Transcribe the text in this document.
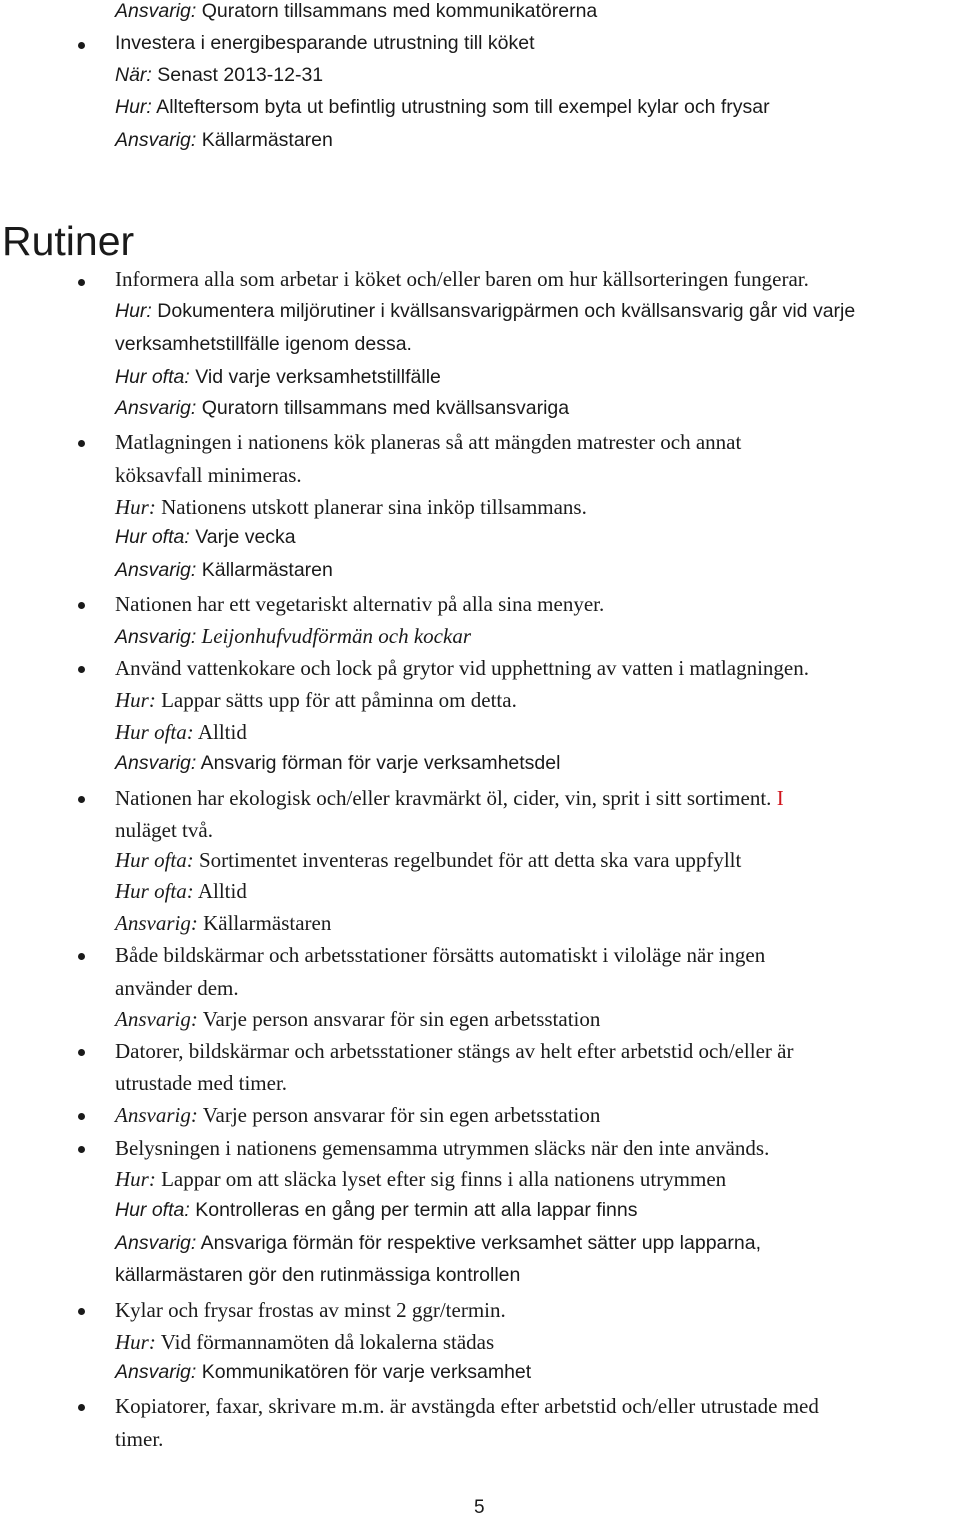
Ansvarig: Quratorn tillsammans med kommunikatörerna

Investera i energibesparande utrustning till köket

När: Senast 2013-12-31

Hur: Allteftersom byta ut befintlig utrustning som till exempel kylar och frysar

Ansvarig: Källarmästaren

Rutiner

Informera alla som arbetar i köket och/eller baren om hur källsorteringen fungerar.

Hur: Dokumentera miljörutiner i kvällsansvarigpärmen och kvällsansvarig går vid varje

verksamhetstillfälle igenom dessa.

Hur ofta: Vid varje verksamhetstillfälle

Ansvarig: Quratorn tillsammans med kvällsansvariga

Matlagningen i nationens kök planeras så att mängden matrester och annat

köksavfall minimeras.

Hur: Nationens utskott planerar sina inköp tillsammans.

Hur ofta: Varje vecka

Ansvarig: Källarmästaren

Nationen har ett vegetariskt alternativ på alla sina menyer.

Ansvarig: Leijonhufvudförmän och kockar

Använd vattenkokare och lock på grytor vid upphettning av vatten i matlagningen.

Hur: Lappar sätts upp för att påminna om detta.

Hur ofta: Alltid

Ansvarig: Ansvarig förman för varje verksamhetsdel

Nationen har ekologisk och/eller kravmärkt öl, cider, vin, sprit i sitt sortiment. I

nuläget två.

Hur ofta: Sortimentet inventeras regelbundet för att detta ska vara uppfyllt

Hur ofta: Alltid

Ansvarig: Källarmästaren

Både bildskärmar och arbetsstationer försätts automatiskt i viloläge när ingen

använder dem.

Ansvarig: Varje person ansvarar för sin egen arbetsstation

Datorer, bildskärmar och arbetsstationer stängs av helt efter arbetstid och/eller är

utrustade med timer.

Ansvarig: Varje person ansvarar för sin egen arbetsstation

Belysningen i nationens gemensamma utrymmen släcks när den inte används.

Hur: Lappar om att släcka lyset efter sig finns i alla nationens utrymmen

Hur ofta: Kontrolleras en gång per termin att alla lappar finns

Ansvarig: Ansvariga förmän för respektive verksamhet sätter upp lapparna,

källarmästaren gör den rutinmässiga kontrollen

Kylar och frysar frostas av minst 2 ggr/termin.

Hur: Vid förmannamöten då lokalerna städas

Ansvarig: Kommunikatören för varje verksamhet

Kopiatorer, faxar, skrivare m.m. är avstängda efter arbetstid och/eller utrustade med

timer.

5
